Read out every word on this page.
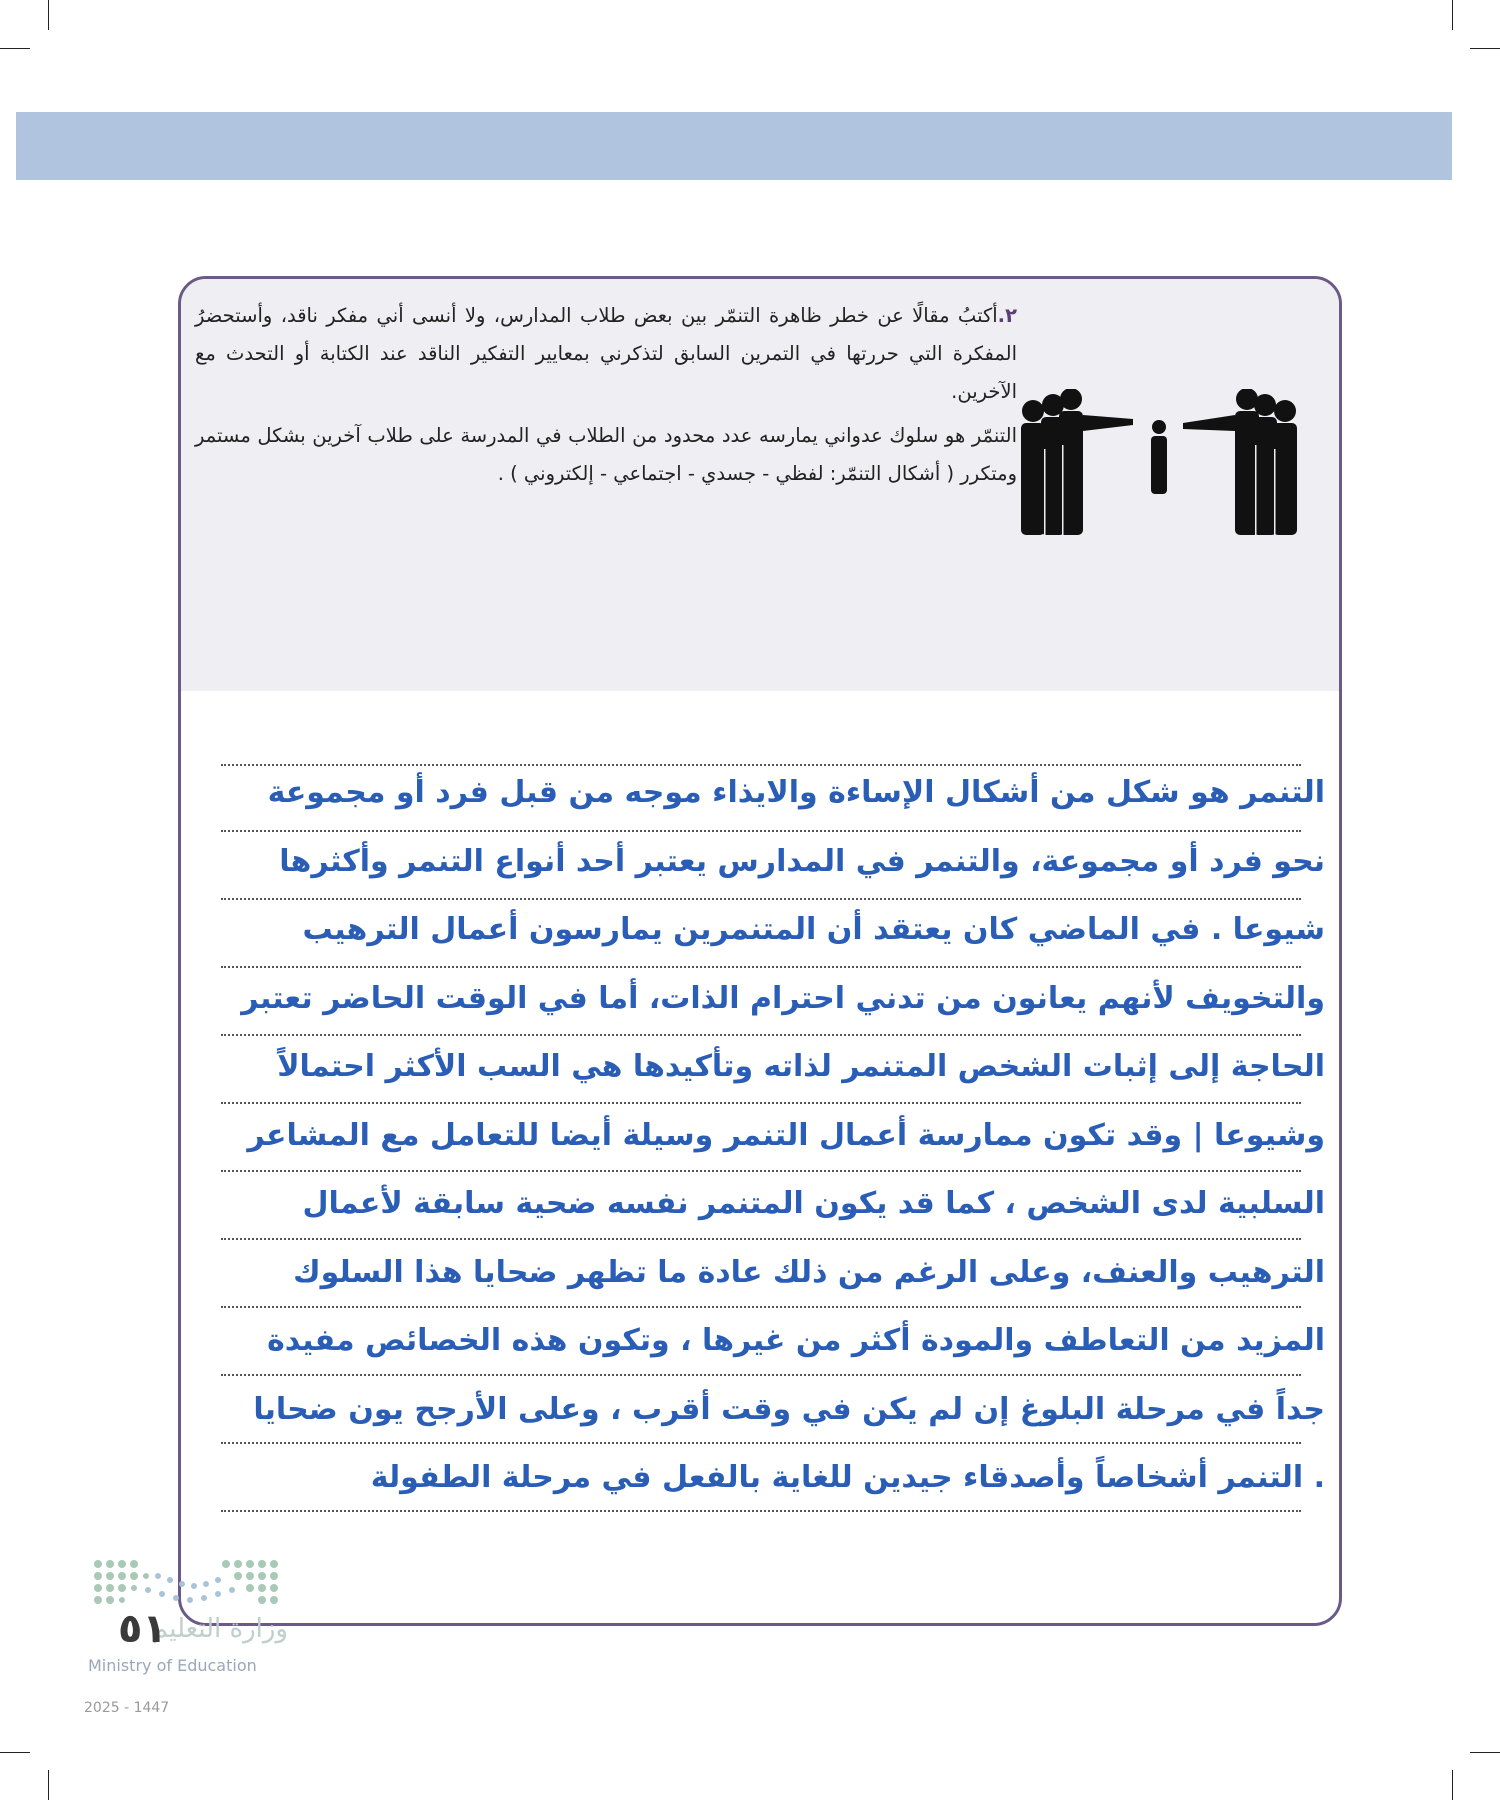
٢.أكتبُ مقالًا عن خطر ظاهرة التنمّر بين بعض طلاب المدارس، ولا أنسى أني مفكر ناقد، وأستحضرُ المفكرة التي حررتها في التمرين السابق لتذكرني بمعايير التفكير الناقد عند الكتابة أو التحدث مع الآخرين.

التنمّر هو سلوك عدواني يمارسه عدد محدود من الطلاب في المدرسة على طلاب آخرين بشكل مستمر ومتكرر ( أشكال التنمّر: لفظي - جسدي - اجتماعي - إلكتروني ) .

التنمر هو شكل من أشكال الإساءة والايذاء موجه من قبل فرد أو مجموعة
نحو فرد أو مجموعة، والتنمر في المدارس يعتبر أحد أنواع التنمر وأكثرها
شيوعا . في الماضي كان يعتقد أن المتنمرين يمارسون أعمال الترهيب
والتخويف لأنهم يعانون من تدني احترام الذات، أما في الوقت الحاضر تعتبر
الحاجة إلى إثبات الشخص المتنمر لذاته وتأكيدها هي السب الأكثر احتمالاً
وشيوعا | وقد تكون ممارسة أعمال التنمر وسيلة أيضا للتعامل مع المشاعر
السلبية لدى الشخص ، كما قد يكون المتنمر نفسه ضحية سابقة لأعمال
الترهيب والعنف، وعلى الرغم من ذلك عادة ما تظهر ضحايا هذا السلوك
المزيد من التعاطف والمودة أكثر من غيرها ، وتكون هذه الخصائص مفيدة
جداً في مرحلة البلوغ إن لم يكن في وقت أقرب ، وعلى الأرجح يون ضحايا
. التنمر أشخاصاً وأصدقاء جيدين للغاية بالفعل في مرحلة الطفولة
وزارة التعليم
٥١
Ministry of Education
2025 - 1447
